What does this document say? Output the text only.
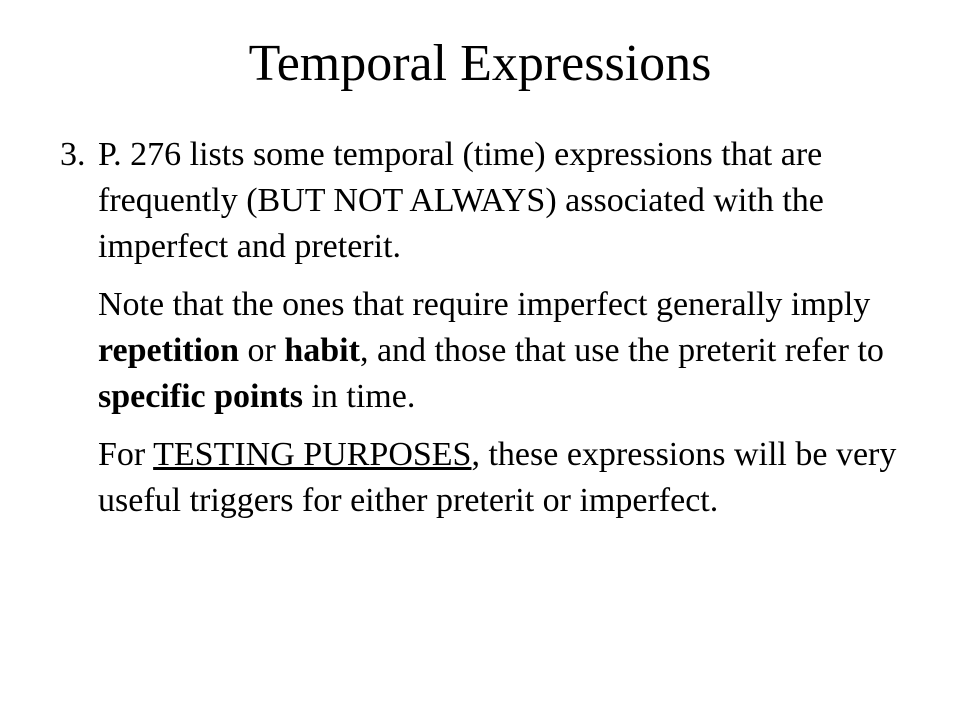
Temporal Expressions
3. P. 276 lists some temporal (time) expressions that are frequently (BUT NOT ALWAYS) associated with the imperfect and preterit.

Note that the ones that require imperfect generally imply repetition or habit, and those that use the preterit refer to specific points in time.

For TESTING PURPOSES, these expressions will be very useful triggers for either preterit or imperfect.
